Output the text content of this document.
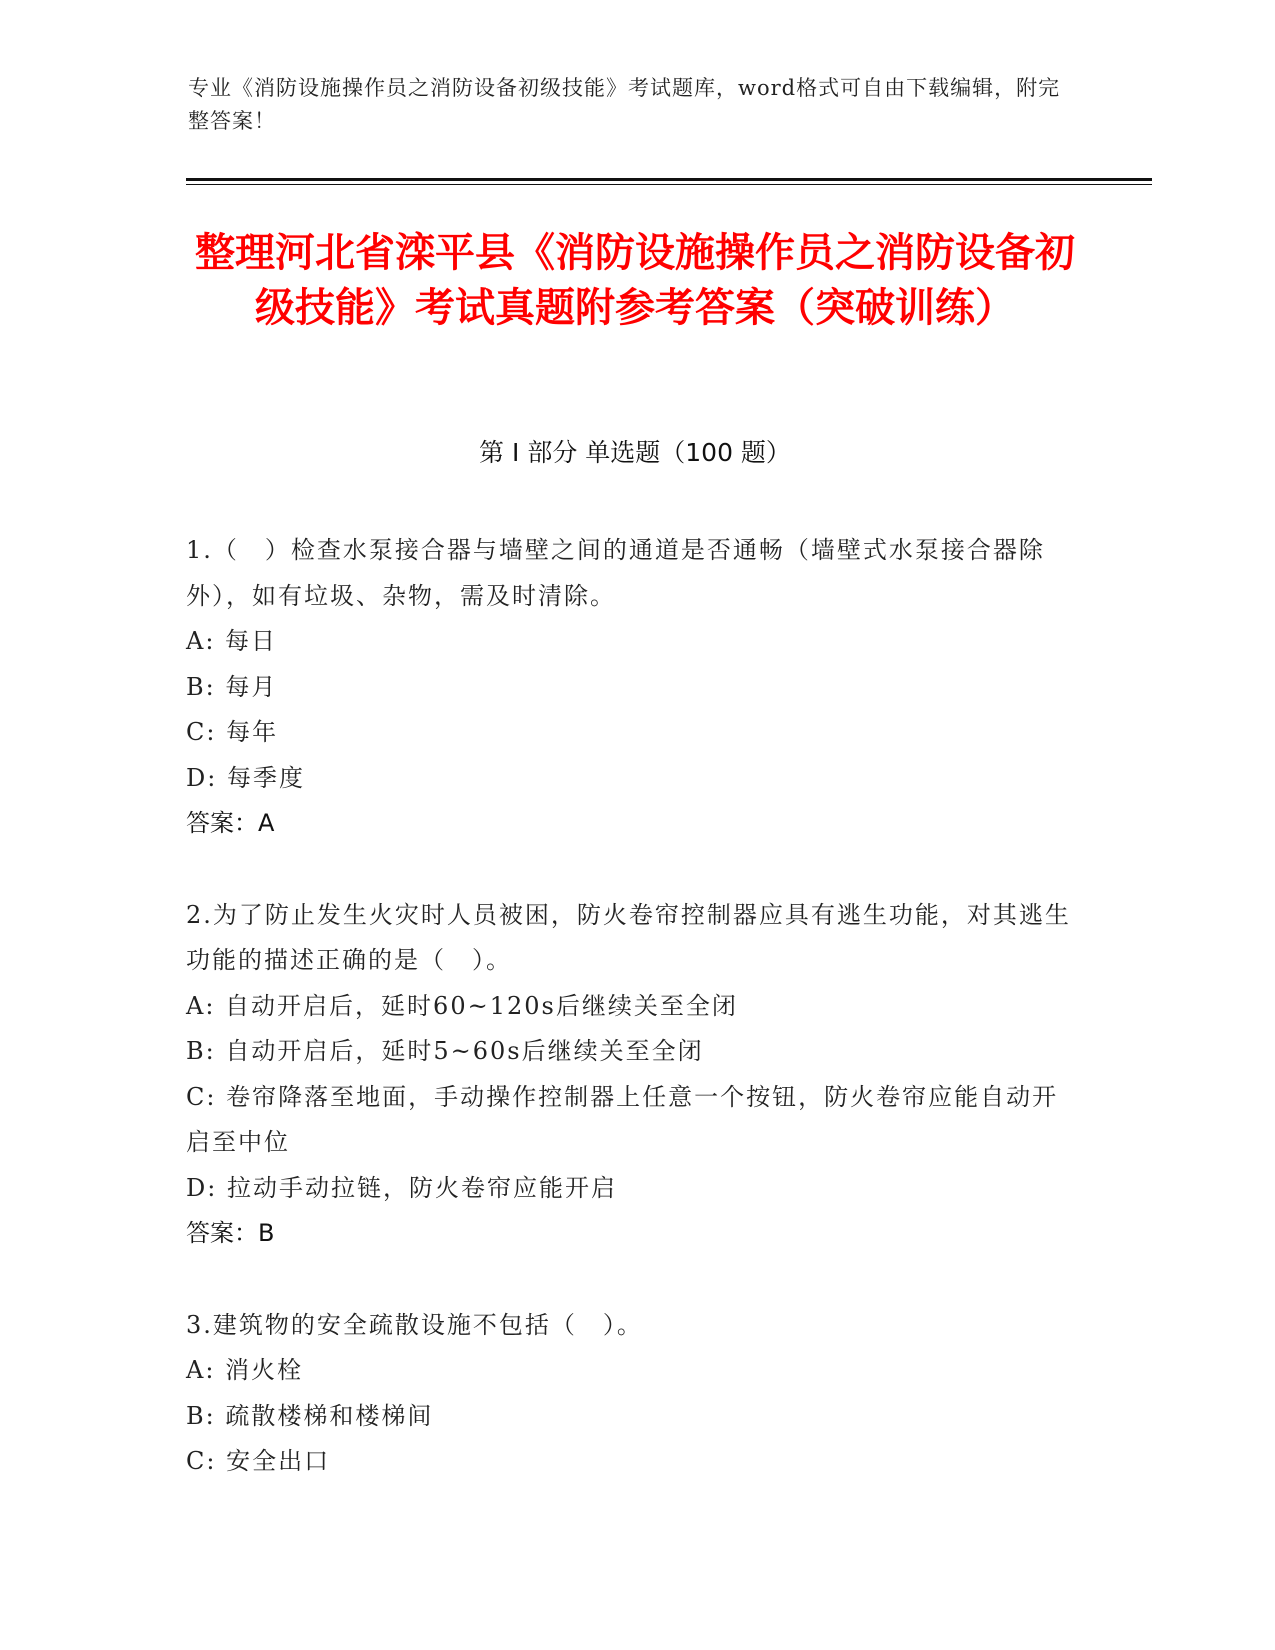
专业《消防设施操作员之消防设备初级技能》考试题库，word格式可自由下载编辑，附完整答案！
整理河北省滦平县《消防设施操作员之消防设备初级技能》考试真题附参考答案（突破训练）
第 I 部分 单选题（100 题）
1.（　）检查水泵接合器与墙壁之间的通道是否通畅（墙壁式水泵接合器除外），如有垃圾、杂物，需及时清除。
A: 每日
B: 每月
C: 每年
D: 每季度
答案：A
2.为了防止发生火灾时人员被困，防火卷帘控制器应具有逃生功能，对其逃生功能的描述正确的是（　）。
A: 自动开启后，延时60~120s后继续关至全闭
B: 自动开启后，延时5~60s后继续关至全闭
C: 卷帘降落至地面，手动操作控制器上任意一个按钮，防火卷帘应能自动开启至中位
D: 拉动手动拉链，防火卷帘应能开启
答案：B
3.建筑物的安全疏散设施不包括（　）。
A: 消火栓
B: 疏散楼梯和楼梯间
C: 安全出口
